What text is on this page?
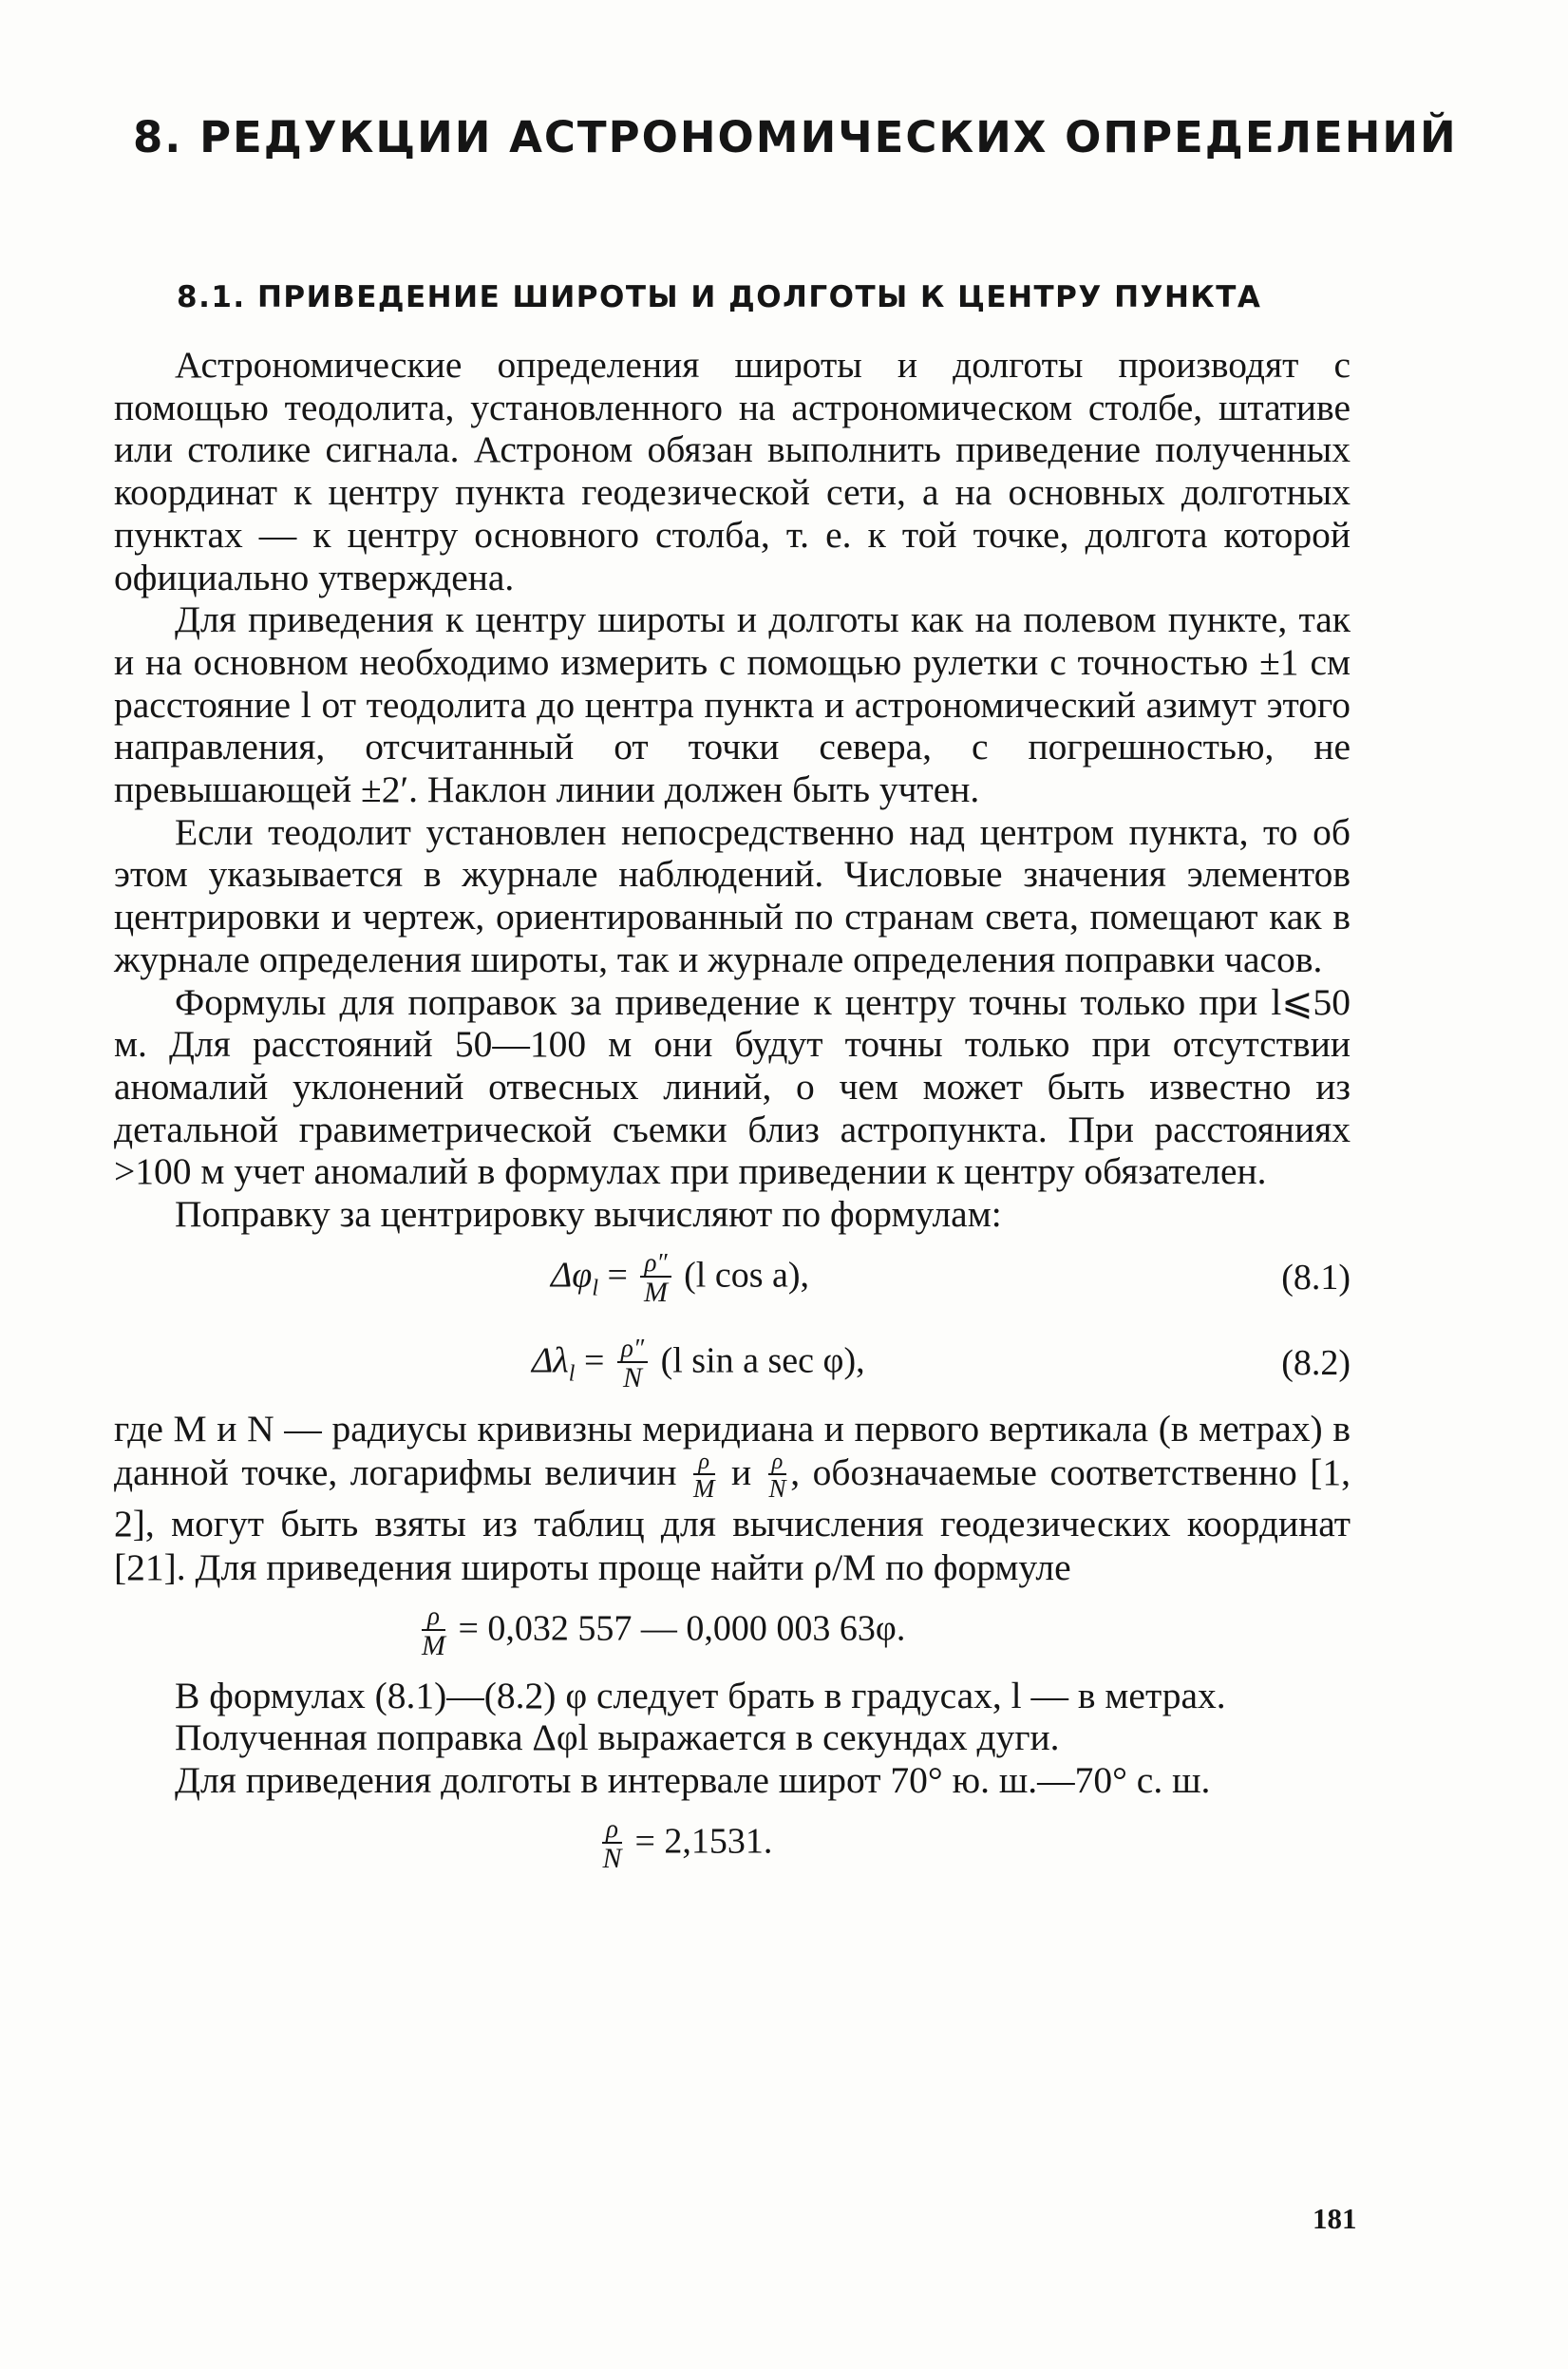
8. РЕДУКЦИИ АСТРОНОМИЧЕСКИХ ОПРЕДЕЛЕНИЙ
8.1. ПРИВЕДЕНИЕ ШИРОТЫ И ДОЛГОТЫ К ЦЕНТРУ ПУНКТА

Астрономические определения широты и долготы производят с помощью теодолита, установленного на астрономическом столбе, штативе или столике сигнала. Астроном обязан выполнить приведение полученных координат к центру пункта геодезической сети, а на основных долготных пунктах — к центру основного столба, т. е. к той точке, долгота которой официально утверждена.

Для приведения к центру широты и долготы как на полевом пункте, так и на основном необходимо измерить с помощью рулетки с точностью ±1 см расстояние l от теодолита до центра пункта и астрономический азимут этого направления, отсчитанный от точки севера, с погрешностью, не превышающей ±2′. Наклон линии должен быть учтен.

Если теодолит установлен непосредственно над центром пункта, то об этом указывается в журнале наблюдений. Числовые значения элементов центрировки и чертеж, ориентированный по странам света, помещают как в журнале определения широты, так и журнале определения поправки часов.

Формулы для поправок за приведение к центру точны только при l⩽50 м. Для расстояний 50—100 м они будут точны только при отсутствии аномалий уклонений отвесных линий, о чем может быть известно из детальной гравиметрической съемки близ астропункта. При расстояниях >100 м учет аномалий в формулах при приведении к центру обязателен.

Поправку за центрировку вычисляют по формулам:

$\Delta\varphi_l = \frac{\rho''}{M} (l$ cos a),	(8.1)
$\Delta\lambda_l = \frac{\rho''}{N} (l$ sin a sec φ),	(8.2)

где M и N — радиусы кривизны меридиана и первого вертикала (в метрах) в данной точке, логарифмы величин $\frac{\rho}{M}$ и $\frac{\rho}{N}$ , обозначаемые соответственно [1, 2], могут быть взяты из таблиц для вычисления геодезических координат [21]. Для приведения широты проще найти ρ/M по формуле

$\frac{\rho}{M} = 0,032$ 557 — 0,000 003 63φ.

В формулах (8.1)—(8.2) φ следует брать в градусах, l — в метрах.

Полученная поправка Δφl выражается в секундах дуги.

Для приведения долготы в интервале широт 70° ю. ш.—70° с. ш.

$\frac{\rho}{N} = 2,1531$.
181
